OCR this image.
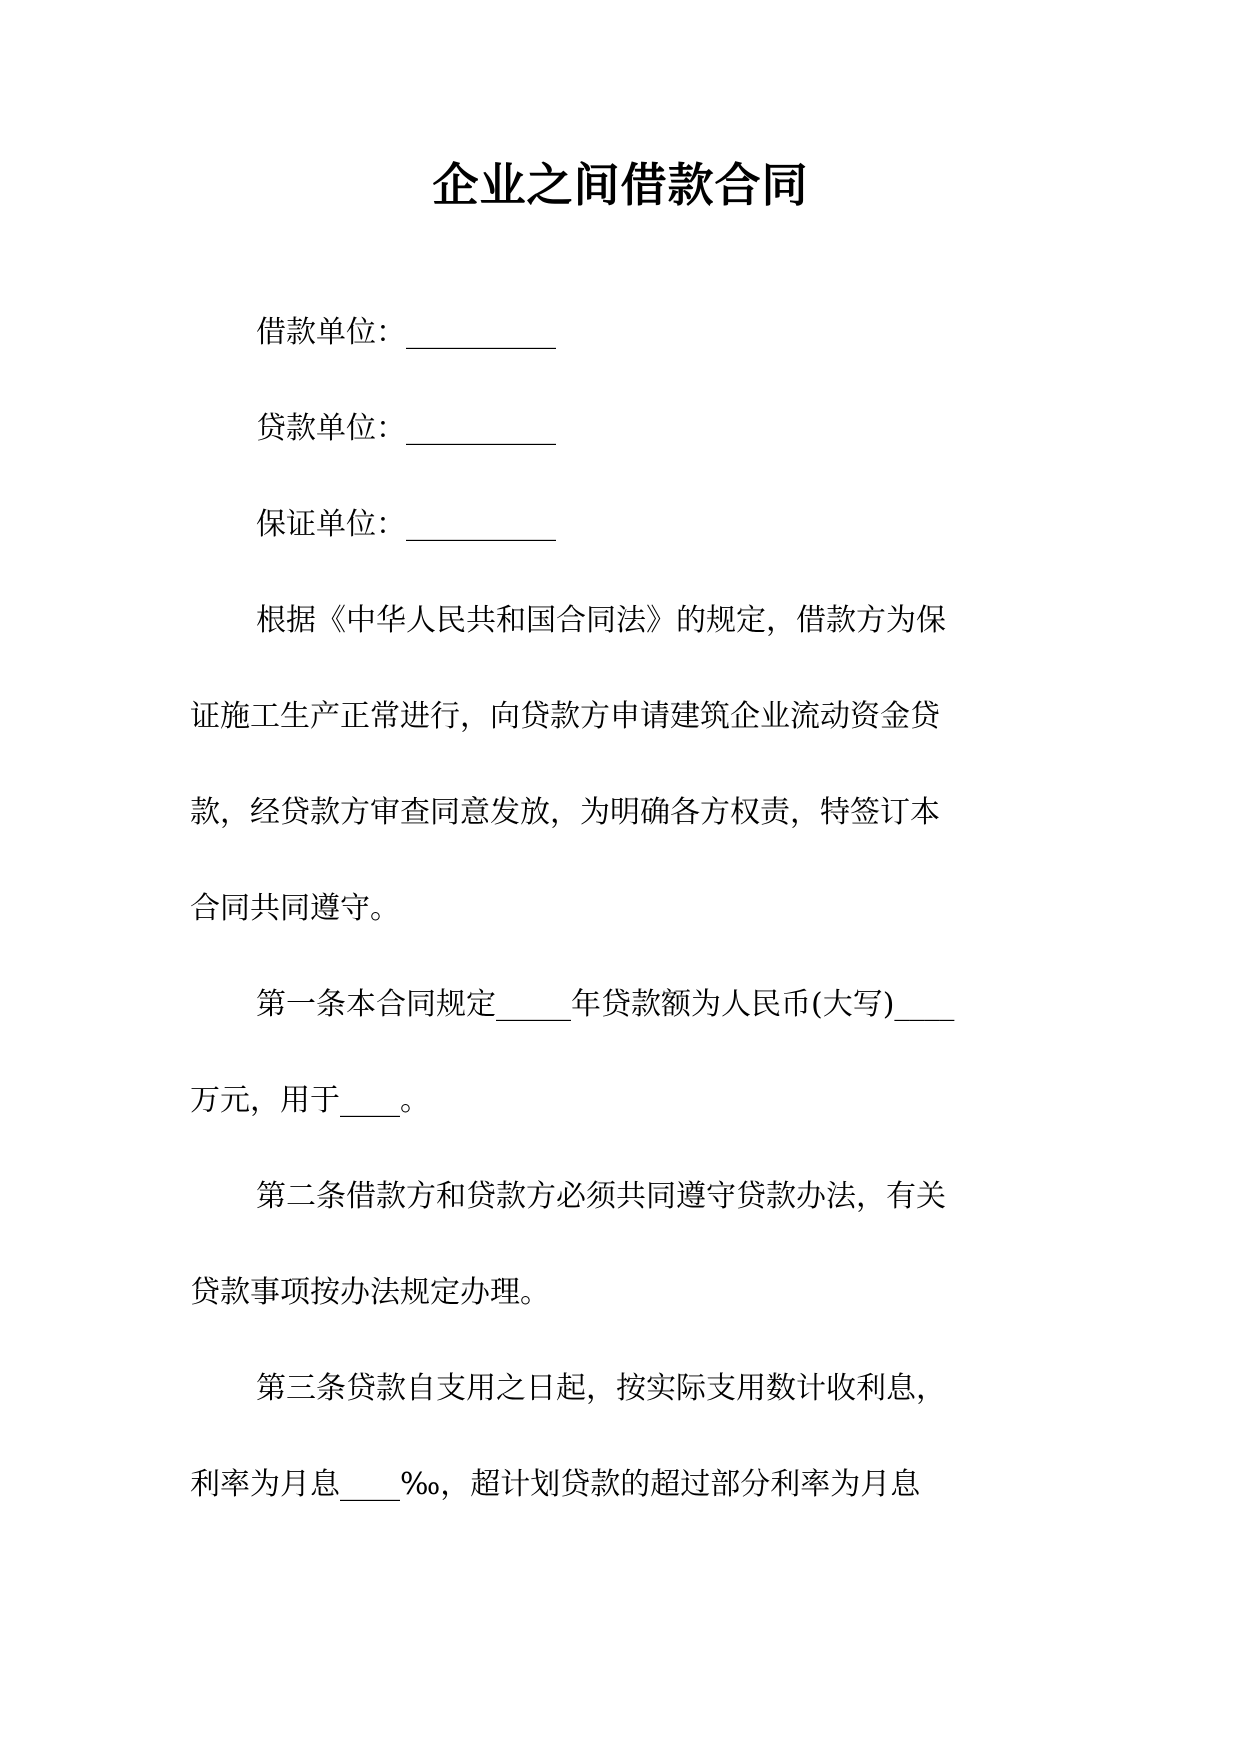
企业之间借款合同
借款单位：__________
贷款单位：__________
保证单位：__________
根据《中华人民共和国合同法》的规定，借款方为保
证施工生产正常进行，向贷款方申请建筑企业流动资金贷
款，经贷款方审查同意发放，为明确各方权责，特签订本
合同共同遵守。
第一条本合同规定_____年贷款额为人民币(大写)____
万元，用于____。
第二条借款方和贷款方必须共同遵守贷款办法，有关
贷款事项按办法规定办理。
第三条贷款自支用之日起，按实际支用数计收利息，
利率为月息____‰，超计划贷款的超过部分利率为月息
